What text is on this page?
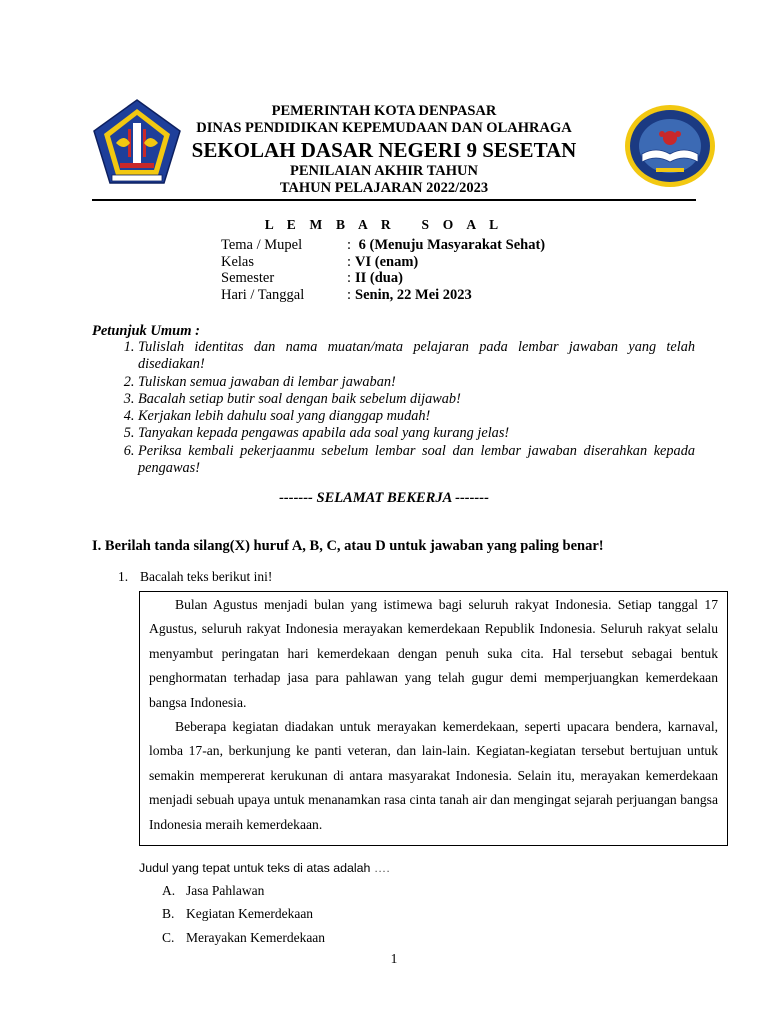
PEMERINTAH KOTA DENPASAR
DINAS PENDIDIKAN KEPEMUDAAN DAN OLAHRAGA
SEKOLAH DASAR NEGERI 9 SESETAN
PENILAIAN AKHIR TAHUN
TAHUN PELAJARAN 2022/2023
L E M B A R   S O A L
Tema / Mupel	: 6 (Menuju Masyarakat Sehat)
Kelas	: VI (enam)
Semester	: II (dua)
Hari / Tanggal	: Senin, 22 Mei 2023
Petunjuk Umum :
1. Tulislah identitas dan nama muatan/mata pelajaran pada lembar jawaban yang telah disediakan!
2. Tuliskan semua jawaban di lembar jawaban!
3. Bacalah setiap butir soal dengan baik sebelum dijawab!
4. Kerjakan lebih dahulu soal yang dianggap mudah!
5. Tanyakan kepada pengawas apabila ada soal yang kurang jelas!
6. Periksa kembali pekerjaanmu sebelum lembar soal dan lembar jawaban diserahkan kepada pengawas!
------- SELAMAT BEKERJA -------
I. Berilah tanda silang(X) huruf A, B, C, atau D untuk jawaban yang paling benar!
1. Bacalah teks berikut ini!

Bulan Agustus menjadi bulan yang istimewa bagi seluruh rakyat Indonesia. Setiap tanggal 17 Agustus, seluruh rakyat Indonesia merayakan kemerdekaan Republik Indonesia. Seluruh rakyat selalu menyambut peringatan hari kemerdekaan dengan penuh suka cita. Hal tersebut sebagai bentuk penghormatan terhadap jasa para pahlawan yang telah gugur demi memperjuangkan kemerdekaan bangsa Indonesia.

Beberapa kegiatan diadakan untuk merayakan kemerdekaan, seperti upacara bendera, karnaval, lomba 17-an, berkunjung ke panti veteran, dan lain-lain. Kegiatan-kegiatan tersebut bertujuan untuk semakin mempererat kerukunan di antara masyarakat Indonesia. Selain itu, merayakan kemerdekaan menjadi sebuah upaya untuk menanamkan rasa cinta tanah air dan mengingat sejarah perjuangan bangsa Indonesia meraih kemerdekaan.

Judul yang tepat untuk teks di atas adalah ….
A. Jasa Pahlawan
B. Kegiatan Kemerdekaan
C. Merayakan Kemerdekaan
1
